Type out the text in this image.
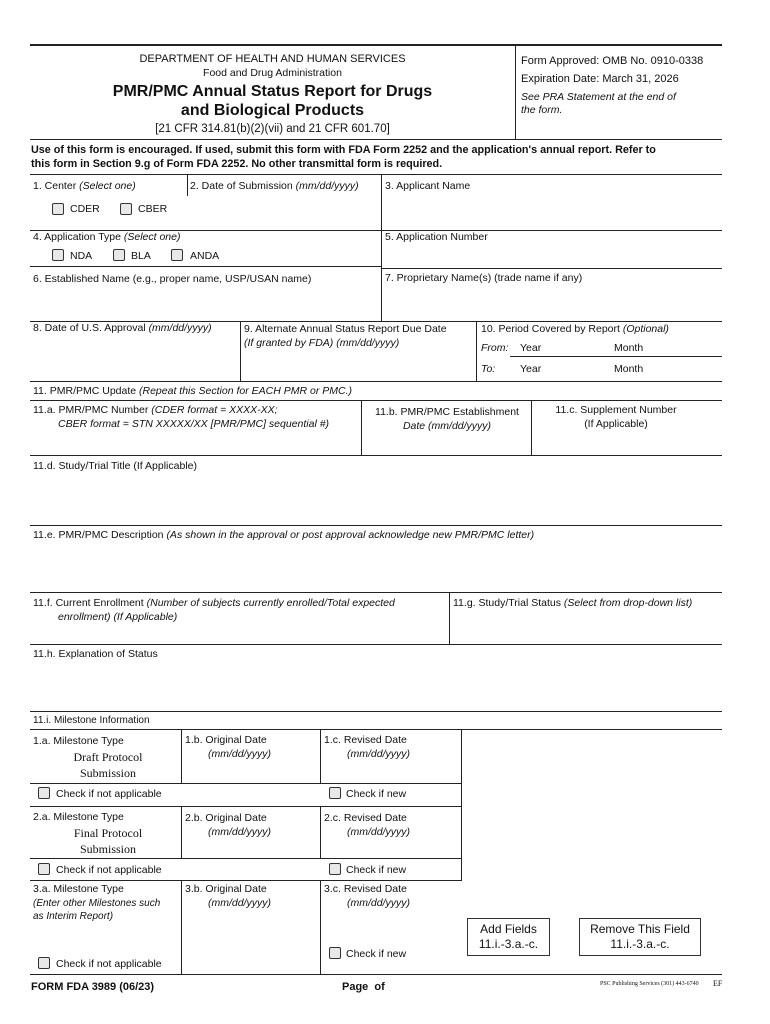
DEPARTMENT OF HEALTH AND HUMAN SERVICES
Food and Drug Administration
PMR/PMC Annual Status Report for Drugs
and Biological Products
[21 CFR 314.81(b)(2)(vii) and 21 CFR 601.70]
Form Approved: OMB No. 0910-0338
Expiration Date: March 31, 2026
See PRA Statement at the end of
the form.
Use of this form is encouraged. If used, submit this form with FDA Form 2252 and the application's annual report. Refer to
this form in Section 9.g of Form FDA 2252. No other transmittal form is required.
1. Center (Select one)
CDER	CBER
2. Date of Submission (mm/dd/yyyy)	3. Applicant Name
4. Application Type (Select one)
NDA	BLA	ANDA
5. Application Number
6. Established Name (e.g., proper name, USP/USAN name)	7. Proprietary Name(s) (trade name if any)
8. Date of U.S. Approval (mm/dd/yyyy)	9. Alternate Annual Status Report Due Date
(If granted by FDA) (mm/dd/yyyy)
10. Period Covered by Report (Optional)
From: Year	Month
To: Year	Month
11. PMR/PMC Update (Repeat this Section for EACH PMR or PMC.)
11.a. PMR/PMC Number (CDER format = XXXX-XX;
CBER format = STN XXXXX/XX [PMR/PMC] sequential #)
11.b. PMR/PMC Establishment
Date (mm/dd/yyyy)
11.c. Supplement Number
(If Applicable)
11.d. Study/Trial Title (If Applicable)
11.e. PMR/PMC Description (As shown in the approval or post approval acknowledge new PMR/PMC letter)
11.f. Current Enrollment (Number of subjects currently enrolled/Total expected
enrollment) (If Applicable)
11.g. Study/Trial Status (Select from drop-down list)
11.h. Explanation of Status
11.i. Milestone Information
1.a. Milestone Type
Draft Protocol
Submission
1.b. Original Date
(mm/dd/yyyy)
1.c. Revised Date
(mm/dd/yyyy)
Check if not applicable	Check if new
2.a. Milestone Type
Final Protocol
Submission
2.b. Original Date
(mm/dd/yyyy)
2.c. Revised Date
(mm/dd/yyyy)
Check if not applicable	Check if new
3.a. Milestone Type
(Enter other Milestones such
as Interim Report)
3.b. Original Date
(mm/dd/yyyy)
3.c. Revised Date
(mm/dd/yyyy)
Check if new
Check if not applicable
Add Fields
11.i.-3.a.-c.
Remove This Field
11.i.-3.a.-c.
FORM FDA 3989 (06/23)	Page  of	PSC Publishing Services (301) 443-6740 EF
